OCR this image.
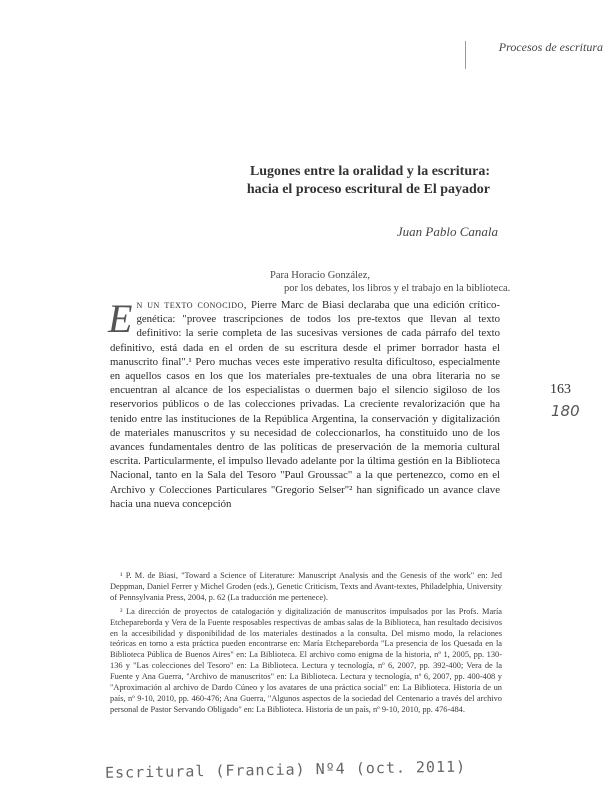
Procesos de escritura
Lugones entre la oralidad y la escritura:
hacia el proceso escritural de El payador
Juan Pablo Canala
Para Horacio González,
por los debates, los libros y el trabajo en la biblioteca.
En un texto conocido, Pierre Marc de Biasi declaraba que una edición crítico-genética: "provee trascripciones de todos los pre-textos que llevan al texto definitivo: la serie completa de las sucesivas versiones de cada párrafo del texto definitivo, está dada en el orden de su escritura desde el primer borrador hasta el manuscrito final".¹ Pero muchas veces este imperativo resulta dificultoso, especialmente en aquellos casos en los que los materiales pre-textuales de una obra literaria no se encuentran al alcance de los especialistas o duermen bajo el silencio sigiloso de los reservorios públicos o de las colecciones privadas. La creciente revalorización que ha tenido entre las instituciones de la República Argentina, la conservación y digitalización de materiales manuscritos y su necesidad de coleccionarlos, ha constituido uno de los avances fundamentales dentro de las políticas de preservación de la memoria cultural escrita. Particularmente, el impulso llevado adelante por la última gestión en la Biblioteca Nacional, tanto en la Sala del Tesoro "Paul Groussac" a la que pertenezco, como en el Archivo y Colecciones Particulares "Gregorio Selser"² han significado un avance clave hacia una nueva concepción
163
180

¹ P. M. de Biasi, "Toward a Science of Literature: Manuscript Analysis and the Genesis of the work" en: Jed Deppman, Daniel Ferrer y Michel Groden (eds.), Genetic Criticism, Texts and Avant-textes, Philadelphia, University of Pennsylvania Press, 2004, p. 62 (La traducción me pertenece).

² La dirección de proyectos de catalogación y digitalización de manuscritos impulsados por las Profs. María Etchepareborda y Vera de la Fuente resposables respectivas de ambas salas de la Biblioteca, han resultado decisivos en la accesibilidad y disponibilidad de los materiales destinados a la consulta. Del mismo modo, la relaciones teóricas en torno a esta práctica pueden encontrarse en: María Etchepareborda "La presencia de los Quesada en la Biblioteca Pública de Buenos Aires" en: La Biblioteca. El archivo como enigma de la historia, nº 1, 2005, pp. 130-136 y "Las colecciones del Tesoro" en: La Biblioteca. Lectura y tecnología, nº 6, 2007, pp. 392-400; Vera de la Fuente y Ana Guerra, "Archivo de manuscritos" en: La Biblioteca. Lectura y tecnología, nº 6, 2007, pp. 400-408 y "Aproximación al archivo de Dardo Cúneo y los avatares de una práctica social" en: La Biblioteca. Historia de un país, nº 9-10, 2010, pp. 460-476; Ana Guerra, "Algunos aspectos de la sociedad del Centenario a través del archivo personal de Pastor Servando Obligado" en: La Biblioteca. Historia de un país, nº 9-10, 2010, pp. 476-484.

Escritural (Francia) Nº4 (oct. 2011)
